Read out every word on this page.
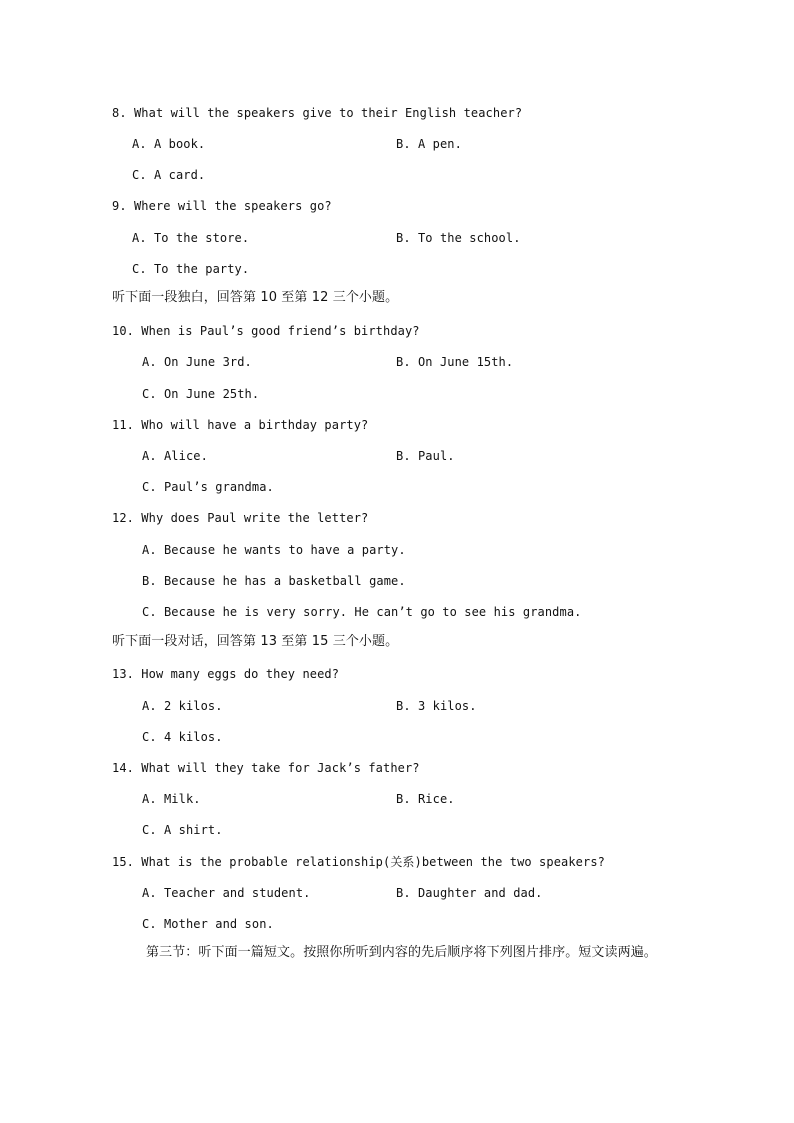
8. What will the speakers give to their English teacher?
A. A book.	B. A pen.
C. A card.
9. Where will the speakers go?
A. To the store.	B. To the school.
C. To the party.
听下面一段独白，回答第 10 至第 12 三个小题。
10. When is Paul’s good friend’s birthday?
A. On June 3rd.	B. On June 15th.
C. On June 25th.
11. Who will have a birthday party?
A. Alice.	B. Paul.
C. Paul’s grandma.
12. Why does Paul write the letter?
A. Because he wants to have a party.
B. Because he has a basketball game.
C. Because he is very sorry. He can’t go to see his grandma.
听下面一段对话，回答第 13 至第 15 三个小题。
13. How many eggs do they need?
A. 2 kilos.	B. 3 kilos.
C. 4 kilos.
14. What will they take for Jack’s father?
A. Milk.	B. Rice.
C. A shirt.
15. What is the probable relationship(关系)between the two speakers?
A. Teacher and student.	B. Daughter and dad.
C. Mother and son.
第三节：听下面一篇短文。按照你所听到内容的先后顺序将下列图片排序。短文读两遍。
